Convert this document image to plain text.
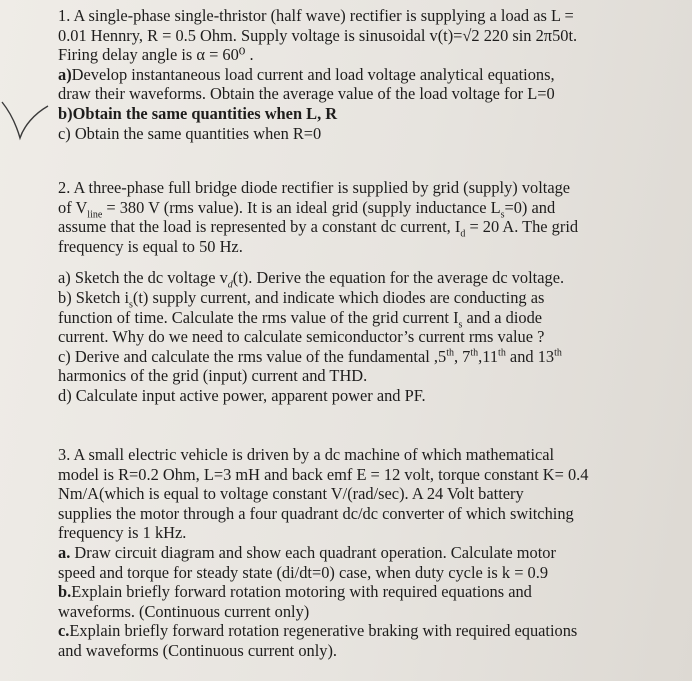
1. A single-phase single-thristor (half wave) rectifier is supplying a load as L =
0.01 Hennry, R = 0.5 Ohm. Supply voltage is sinusoidal v(t)=√2 220 sin 2π50t.
Firing delay angle is α = 60⁰ .
a)Develop instantaneous load current and load voltage analytical equations,
draw their waveforms. Obtain the average value of the load voltage for L=0
b)Obtain the same quantities when L, R
c) Obtain the same quantities when R=0
2. A three-phase full bridge diode rectifier is supplied by grid (supply) voltage
of $V_{line} = 380$ V (rms value). It is an ideal grid (supply inductance $L_s=0$) and
assume that the load is represented by a constant dc current, $I_d = 20$ A. The grid
frequency is equal to 50 Hz.
a) Sketch the dc voltage $v_d(t)$. Derive the equation for the average dc voltage.
b) Sketch $i_s(t)$ supply current, and indicate which diodes are conducting as
function of time. Calculate the rms value of the grid current $I_s$ and a diode
current. Why do we need to calculate semiconductor’s current rms value ?
c) Derive and calculate the rms value of the fundamental ,5th, 7th,11th and 13th
harmonics of the grid (input) current and THD.
d) Calculate input active power, apparent power and PF.
3. A small electric vehicle is driven by a dc machine of which mathematical
model is R=0.2 Ohm, L=3 mH and back emf E = 12 volt, torque constant K= 0.4
Nm/A(which is equal to voltage constant V/(rad/sec). A 24 Volt battery
supplies the motor through a four quadrant dc/dc converter of which switching
frequency is 1 kHz.
a. Draw circuit diagram and show each quadrant operation. Calculate motor
speed and torque for steady state (di/dt=0) case, when duty cycle is k = 0.9
b.Explain briefly forward rotation motoring with required equations and
waveforms. (Continuous current only)
c.Explain briefly forward rotation regenerative braking with required equations
and waveforms (Continuous current only).
